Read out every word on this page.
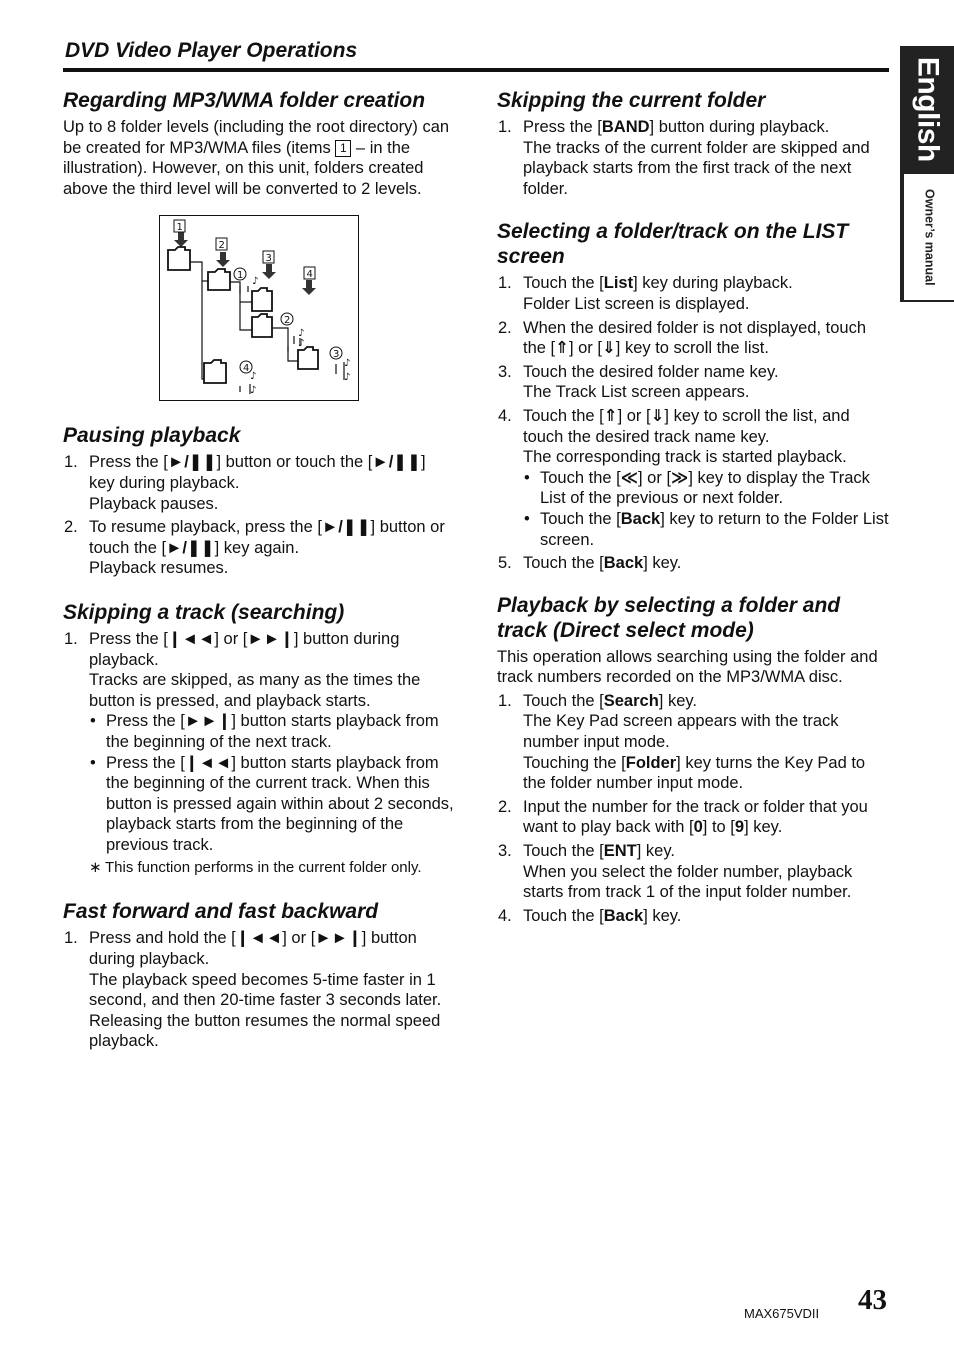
DVD Video Player Operations
English
Owner’s manual
Regarding MP3/WMA folder creation

Up to 8 folder levels (including the root directory) can be created for MP3/WMA files (items 1 – in the illustration). However, on this unit, folders created above the third level will be converted to 2 levels.

♪
♪
♪
♪
♪
♪
♪
1
2
3
4
1
2
3
4
Pausing playback
1. Press the [►/❚❚] button or touch the [►/❚❚] key during playback.
Playback pauses.
2. To resume playback, press the [►/❚❚] button or touch the [►/❚❚] key again.
Playback resumes.
Skipping a track (searching)
1. Press the [❙◄◄] or [►►❙] button during playback.
Tracks are skipped, as many as the times the button is pressed, and playback starts.
• Press the [►►❙] button starts playback from the beginning of the next track.
• Press the [❙◄◄] button starts playback from the beginning of the current track. When this button is pressed again within about 2 seconds, playback starts from the beginning of the previous track.
∗ This function performs in the current folder only.
Fast forward and fast backward
1. Press and hold the [❙◄◄] or [►►❙] button during playback.
The playback speed becomes 5-time faster in 1 second, and then 20-time faster 3 seconds later.
Releasing the button resumes the normal speed playback.
Skipping the current folder
1. Press the [BAND] button during playback.
The tracks of the current folder are skipped and playback starts from the first track of the next folder.
Selecting a folder/track on the LIST screen
1. Touch the [List] key during playback.
Folder List screen is displayed.
2. When the desired folder is not displayed, touch the [⇑] or [⇓] key to scroll the list.
3. Touch the desired folder name key.
The Track List screen appears.
4. Touch the [⇑] or [⇓] key to scroll the list, and touch the desired track name key.
The corresponding track is started playback.
• Touch the [≪] or [≫] key to display the Track List of the previous or next folder.
• Touch the [Back] key to return to the Folder List screen.
5. Touch the [Back] key.
Playback by selecting a folder and track (Direct select mode)

This operation allows searching using the folder and track numbers recorded on the MP3/WMA disc.

1. Touch the [Search] key.
The Key Pad screen appears with the track number input mode.
Touching the [Folder] key turns the Key Pad to the folder number input mode.
2. Input the number for the track or folder that you want to play back with [0] to [9] key.
3. Touch the [ENT] key.
When you select the folder number, playback starts from track 1 of the input folder number.
4. Touch the [Back] key.
MAX675VDII 43
